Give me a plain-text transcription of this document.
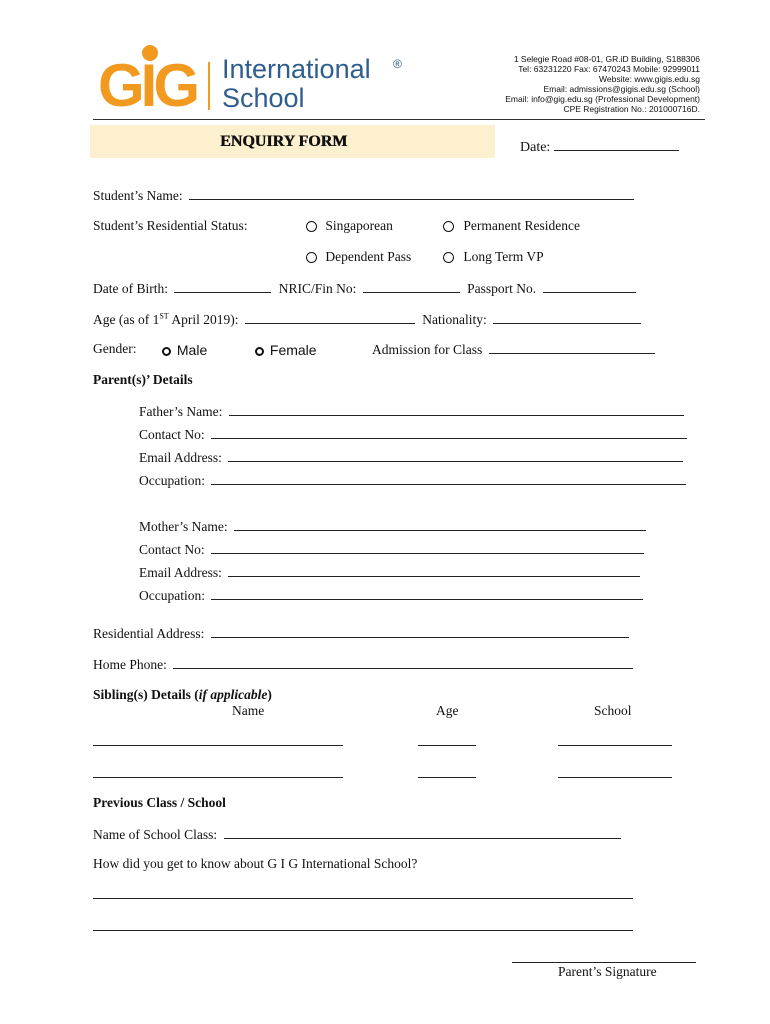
GIG International
School
®	1 Selegie Road #08-01, GR.iD Building, S188306
Tel: 63231220 Fax: 67470243 Mobile: 92999011
Website: www.gigis.edu.sg
Email: admissions@gigis.edu.sg (School)
Email: info@gig.edu.sg (Professional Development)
CPE Registration No.: 201000716D.
ENQUIRY FORM	Date:
Student’s Name:
Student’s Residential Status:	Singaporean	Permanent Residence
Dependent Pass	Long Term VP
Date of Birth:	NRIC/Fin No:	Passport No.
Age (as of 1ST April 2019):	Nationality:
Gender:	Male	Female	Admission for Class
Parent(s)’ Details
Father’s Name:
Contact No:
Email Address:
Occupation:
Mother’s Name:
Contact No:
Email Address:
Occupation:
Residential Address:
Home Phone:
Sibling(s) Details (if applicable)
Name	Age	School
Previous Class / School
Name of School Class:
How did you get to know about G I G International School?
Parent’s Signature
